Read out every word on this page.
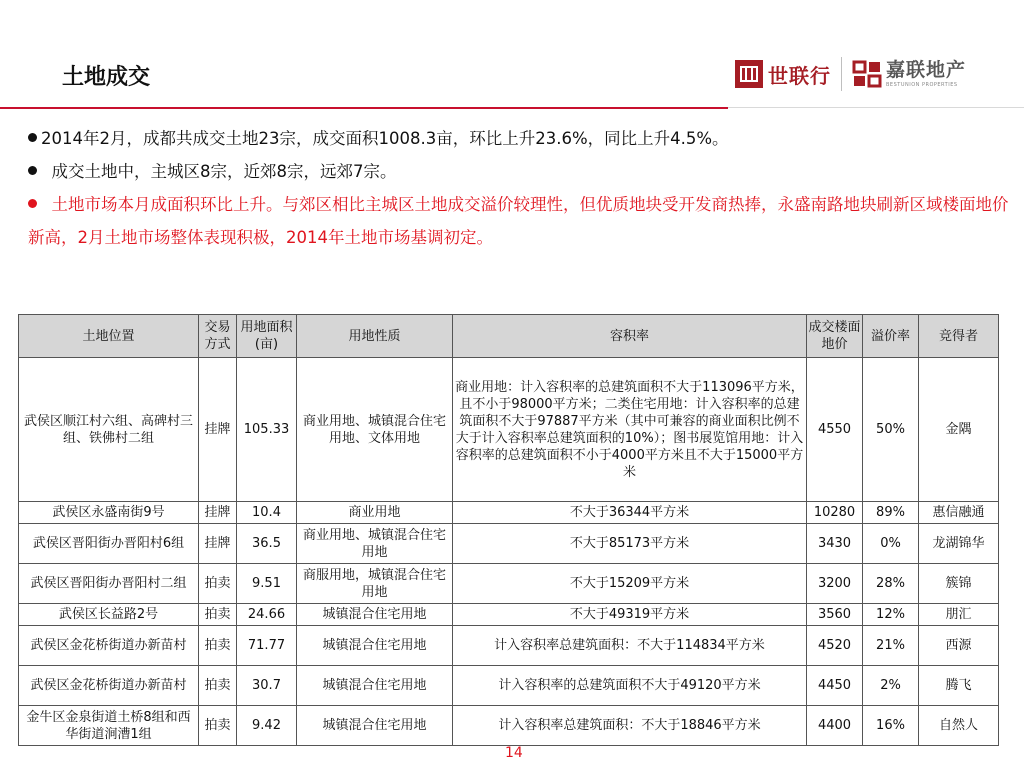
土地成交	世联行	嘉联地产
BESTUNION PROPERTIES

2014年2月，成都共成交土地23宗，成交面积1008.3亩，环比上升23.6%，同比上升4.5%。

成交土地中，主城区8宗，近郊8宗，远郊7宗。

土地市场本月成面积环比上升。与郊区相比主城区土地成交溢价较理性，但优质地块受开发商热捧，永盛南路地块刷新区域楼面地价新高，2月土地市场整体表现积极，2014年土地市场基调初定。

土地位置	交易方式	用地面积(亩)	用地性质	容积率	成交楼面地价	溢价率	竞得者
武侯区顺江村六组、高碑村三组、铁佛村二组	挂牌	105.33	商业用地、城镇混合住宅用地、文体用地	商业用地：计入容积率的总建筑面积不大于113096平方米，且不小于98000平方米；二类住宅用地：计入容积率的总建筑面积不大于97887平方米（其中可兼容的商业面积比例不大于计入容积率总建筑面积的10%）；图书展览馆用地：计入容积率的总建筑面积不小于4000平方米且不大于15000平方米	4550	50%	金隅
武侯区永盛南街9号	挂牌	10.4	商业用地	不大于36344平方米	10280	89%	惠信融通
武侯区晋阳街办晋阳村6组	挂牌	36.5	商业用地、城镇混合住宅用地	不大于85173平方米	3430	0%	龙湖锦华
武侯区晋阳街办晋阳村二组	拍卖	9.51	商服用地，城镇混合住宅用地	不大于15209平方米	3200	28%	簇锦
武侯区长益路2号	拍卖	24.66	城镇混合住宅用地	不大于49319平方米	3560	12%	朋汇
武侯区金花桥街道办新苗村	拍卖	71.77	城镇混合住宅用地	计入容积率总建筑面积：不大于114834平方米	4520	21%	西源
武侯区金花桥街道办新苗村	拍卖	30.7	城镇混合住宅用地	计入容积率的总建筑面积不大于49120平方米	4450	2%	腾飞
金牛区金泉街道土桥8组和西华街道涧漕1组	拍卖	9.42	城镇混合住宅用地	计入容积率总建筑面积：不大于18846平方米	4400	16%	自然人
14
